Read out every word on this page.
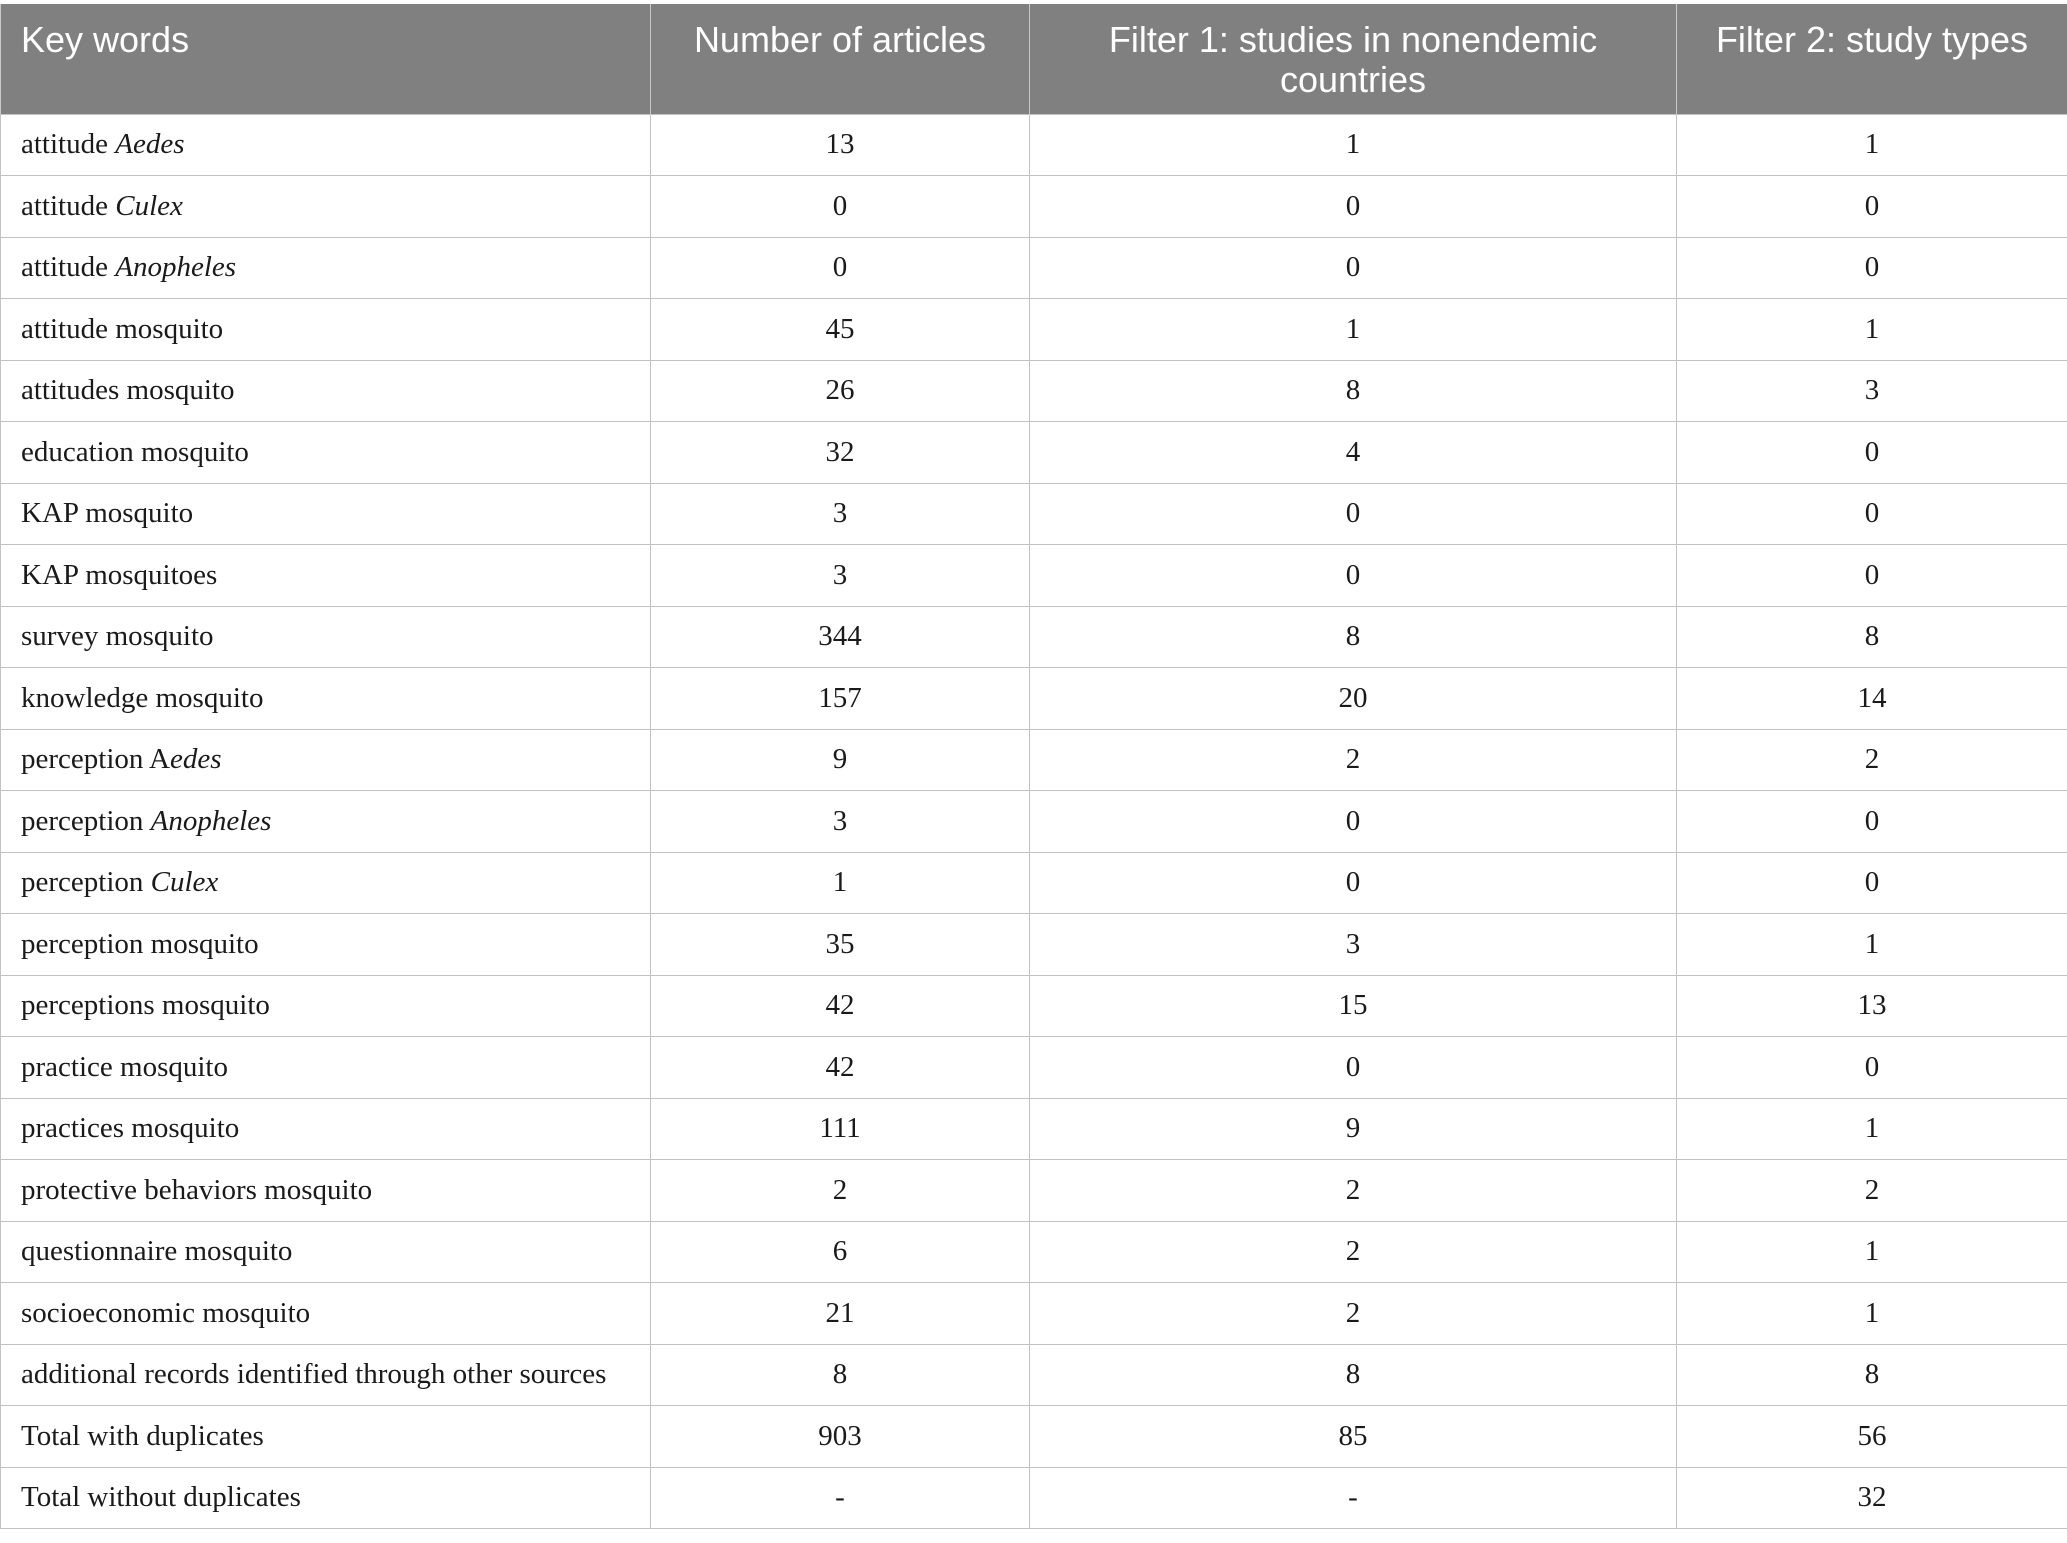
Key words	Number of articles	Filter 1: studies in nonendemic countries	Filter 2: study types
attitude Aedes	13	1	1
attitude Culex	0	0	0
attitude Anopheles	0	0	0
attitude mosquito	45	1	1
attitudes mosquito	26	8	3
education mosquito	32	4	0
KAP mosquito	3	0	0
KAP mosquitoes	3	0	0
survey mosquito	344	8	8
knowledge mosquito	157	20	14
perception Aedes	9	2	2
perception Anopheles	3	0	0
perception Culex	1	0	0
perception mosquito	35	3	1
perceptions mosquito	42	15	13
practice mosquito	42	0	0
practices mosquito	111	9	1
protective behaviors mosquito	2	2	2
questionnaire mosquito	6	2	1
socioeconomic mosquito	21	2	1
additional records identified through other sources	8	8	8
Total with duplicates	903	85	56
Total without duplicates	-	-	32
